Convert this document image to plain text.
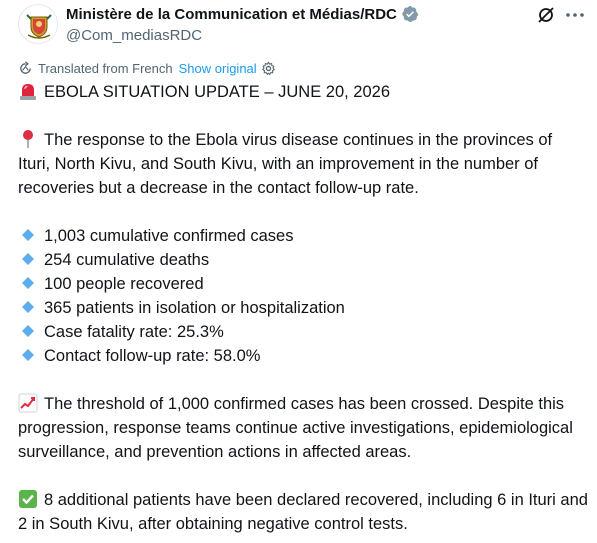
Ministère de la Communication et Médias/RDC
@Com_mediasRDC
Translated from French Show original

EBOLA SITUATION UPDATE – JUNE 20, 2026

The response to the Ebola virus disease continues in the provinces of Ituri, North Kivu, and South Kivu, with an improvement in the number of recoveries but a decrease in the contact follow-up rate.

1,003 cumulative confirmed cases
254 cumulative deaths
100 people recovered
365 patients in isolation or hospitalization
Case fatality rate: 25.3%
Contact follow-up rate: 58.0%

The threshold of 1,000 confirmed cases has been crossed. Despite this progression, response teams continue active investigations, epidemiological surveillance, and prevention actions in affected areas.

8 additional patients have been declared recovered, including 6 in Ituri and 2 in South Kivu, after obtaining negative control tests.
